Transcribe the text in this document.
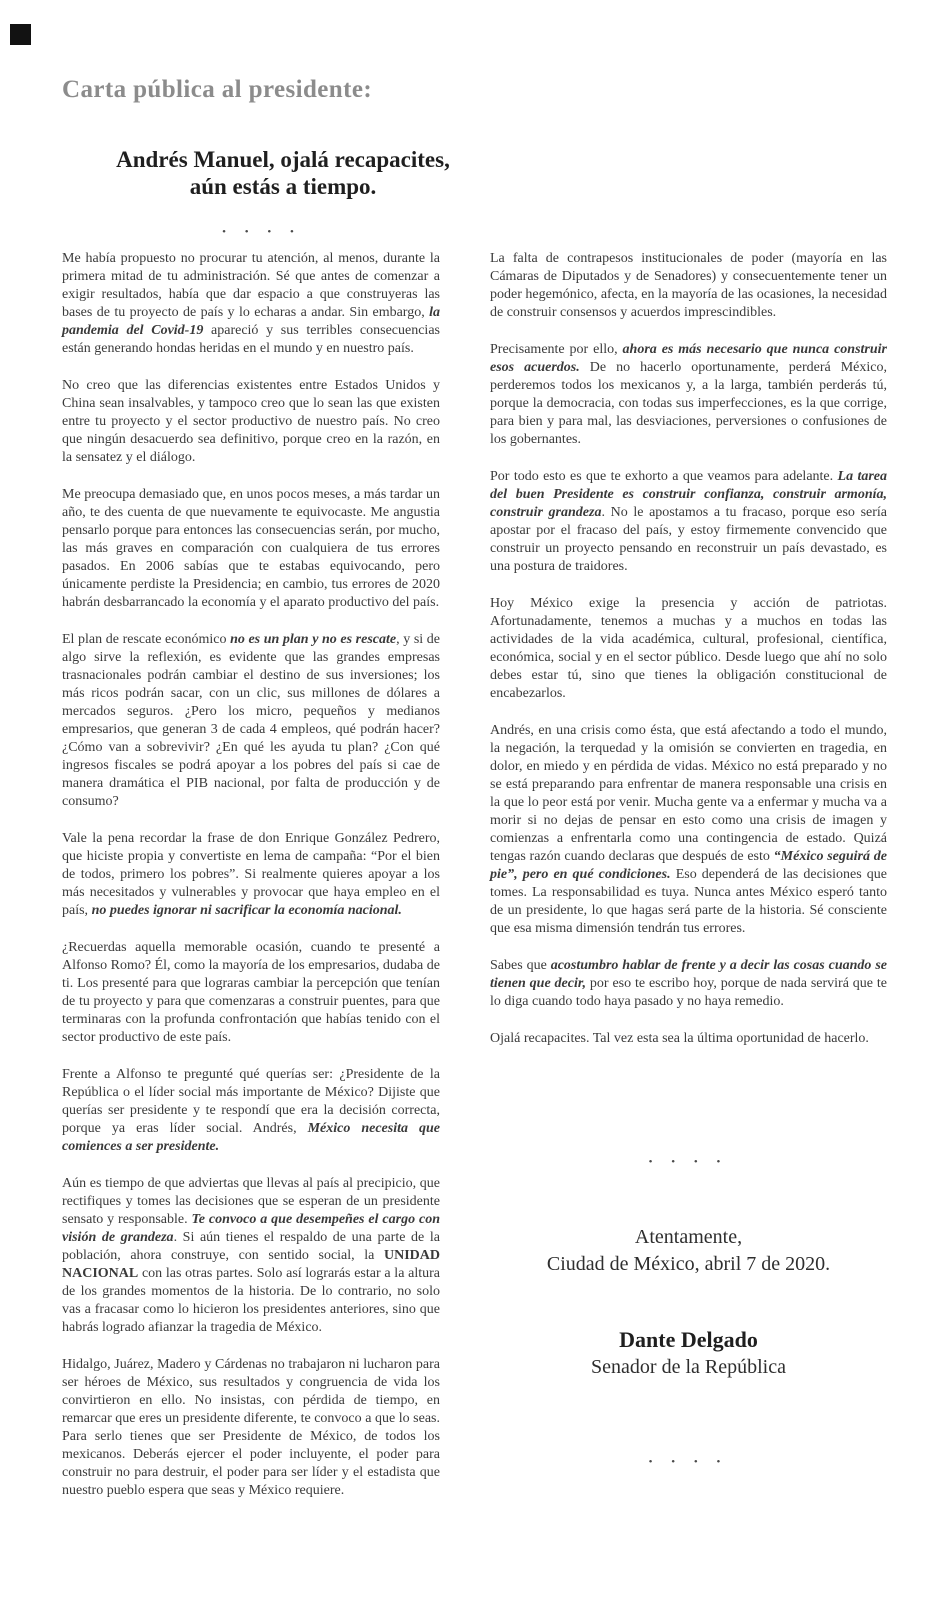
Carta pública al presidente:
Andrés Manuel, ojalá recapacites,
aún estás a tiempo.
• • • •

Me había propuesto no procurar tu atención, al menos, durante la primera mitad de tu administración. Sé que antes de comenzar a exigir resultados, había que dar espacio a que construyeras las bases de tu proyecto de país y lo echaras a andar. Sin embargo, la pandemia del Covid-19 apareció y sus terribles consecuencias están generando hondas heridas en el mundo y en nuestro país.

No creo que las diferencias existentes entre Estados Unidos y China sean insalvables, y tampoco creo que lo sean las que existen entre tu proyecto y el sector productivo de nuestro país. No creo que ningún desacuerdo sea definitivo, porque creo en la razón, en la sensatez y el diálogo.

Me preocupa demasiado que, en unos pocos meses, a más tardar un año, te des cuenta de que nuevamente te equivocaste. Me angustia pensarlo porque para entonces las consecuencias serán, por mucho, las más graves en comparación con cualquiera de tus errores pasados. En 2006 sabías que te estabas equivocando, pero únicamente perdiste la Presidencia; en cambio, tus errores de 2020 habrán desbarrancado la economía y el aparato productivo del país.

El plan de rescate económico no es un plan y no es rescate, y si de algo sirve la reflexión, es evidente que las grandes empresas trasnacionales podrán cambiar el destino de sus inversiones; los más ricos podrán sacar, con un clic, sus millones de dólares a mercados seguros. ¿Pero los micro, pequeños y medianos empresarios, que generan 3 de cada 4 empleos, qué podrán hacer? ¿Cómo van a sobrevivir? ¿En qué les ayuda tu plan? ¿Con qué ingresos fiscales se podrá apoyar a los pobres del país si cae de manera dramática el PIB nacional, por falta de producción y de consumo?

Vale la pena recordar la frase de don Enrique González Pedrero, que hiciste propia y convertiste en lema de campaña: “Por el bien de todos, primero los pobres”. Si realmente quieres apoyar a los más necesitados y vulnerables y provocar que haya empleo en el país, no puedes ignorar ni sacrificar la economía nacional.

¿Recuerdas aquella memorable ocasión, cuando te presenté a Alfonso Romo? Él, como la mayoría de los empresarios, dudaba de ti. Los presenté para que lograras cambiar la percepción que tenían de tu proyecto y para que comenzaras a construir puentes, para que terminaras con la profunda confrontación que habías tenido con el sector productivo de este país.

Frente a Alfonso te pregunté qué querías ser: ¿Presidente de la República o el líder social más importante de México? Dijiste que querías ser presidente y te respondí que era la decisión correcta, porque ya eras líder social. Andrés, México necesita que comiences a ser presidente.

Aún es tiempo de que adviertas que llevas al país al precipicio, que rectifiques y tomes las decisiones que se esperan de un presidente sensato y responsable. Te convoco a que desempeñes el cargo con visión de grandeza. Si aún tienes el respaldo de una parte de la población, ahora construye, con sentido social, la UNIDAD NACIONAL con las otras partes. Solo así lograrás estar a la altura de los grandes momentos de la historia. De lo contrario, no solo vas a fracasar como lo hicieron los presidentes anteriores, sino que habrás logrado afianzar la tragedia de México.

Hidalgo, Juárez, Madero y Cárdenas no trabajaron ni lucharon para ser héroes de México, sus resultados y congruencia de vida los convirtieron en ello. No insistas, con pérdida de tiempo, en remarcar que eres un presidente diferente, te convoco a que lo seas. Para serlo tienes que ser Presidente de México, de todos los mexicanos. Deberás ejercer el poder incluyente, el poder para construir no para destruir, el poder para ser líder y el estadista que nuestro pueblo espera que seas y México requiere.

La falta de contrapesos institucionales de poder (mayoría en las Cámaras de Diputados y de Senadores) y consecuentemente tener un poder hegemónico, afecta, en la mayoría de las ocasiones, la necesidad de construir consensos y acuerdos imprescindibles.

Precisamente por ello, ahora es más necesario que nunca construir esos acuerdos. De no hacerlo oportunamente, perderá México, perderemos todos los mexicanos y, a la larga, también perderás tú, porque la democracia, con todas sus imperfecciones, es la que corrige, para bien y para mal, las desviaciones, perversiones o confusiones de los gobernantes.

Por todo esto es que te exhorto a que veamos para adelante. La tarea del buen Presidente es construir confianza, construir armonía, construir grandeza. No le apostamos a tu fracaso, porque eso sería apostar por el fracaso del país, y estoy firmemente convencido que construir un proyecto pensando en reconstruir un país devastado, es una postura de traidores.

Hoy México exige la presencia y acción de patriotas. Afortunadamente, tenemos a muchas y a muchos en todas las actividades de la vida académica, cultural, profesional, científica, económica, social y en el sector público. Desde luego que ahí no solo debes estar tú, sino que tienes la obligación constitucional de encabezarlos.

Andrés, en una crisis como ésta, que está afectando a todo el mundo, la negación, la terquedad y la omisión se convierten en tragedia, en dolor, en miedo y en pérdida de vidas. México no está preparado y no se está preparando para enfrentar de manera responsable una crisis en la que lo peor está por venir. Mucha gente va a enfermar y mucha va a morir si no dejas de pensar en esto como una crisis de imagen y comienzas a enfrentarla como una contingencia de estado. Quizá tengas razón cuando declaras que después de esto “México seguirá de pie”, pero en qué condiciones. Eso dependerá de las decisiones que tomes. La responsabilidad es tuya. Nunca antes México esperó tanto de un presidente, lo que hagas será parte de la historia. Sé consciente que esa misma dimensión tendrán tus errores.

Sabes que acostumbro hablar de frente y a decir las cosas cuando se tienen que decir, por eso te escribo hoy, porque de nada servirá que te lo diga cuando todo haya pasado y no haya remedio.

Ojalá recapacites. Tal vez esta sea la última oportunidad de hacerlo.

• • • •
Atentamente,
Ciudad de México, abril 7 de 2020.
Dante Delgado
Senador de la República
• • • •
